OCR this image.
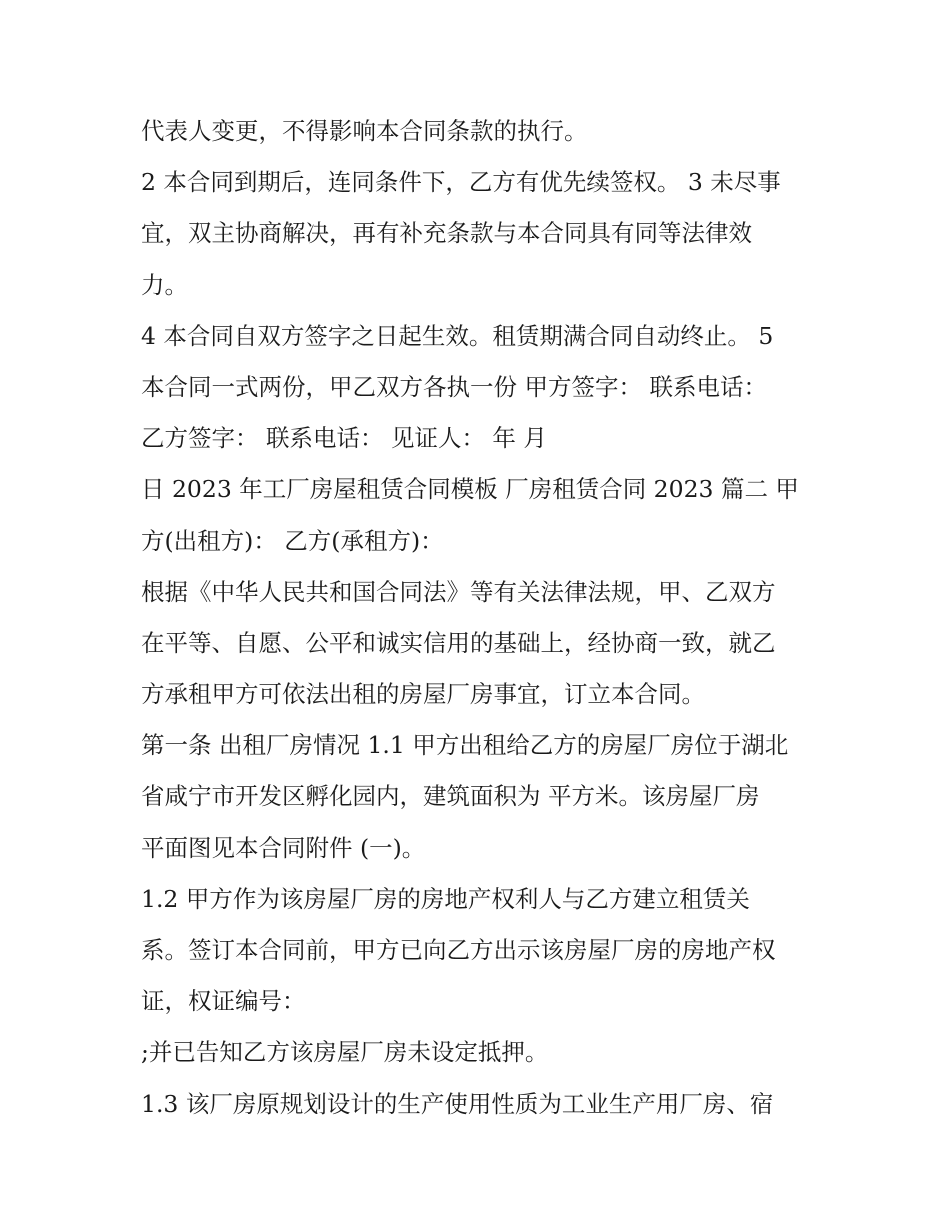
代表人变更，不得影响本合同条款的执行。
2 本合同到期后，连同条件下，乙方有优先续签权。 3 未尽事
宜，双主协商解决，再有补充条款与本合同具有同等法律效
力。
4 本合同自双方签字之日起生效。租赁期满合同自动终止。 5
本合同一式两份，甲乙双方各执一份 甲方签字： 联系电话：
乙方签字： 联系电话： 见证人： 年 月
日 2023 年工厂房屋租赁合同模板 厂房租赁合同 2023 篇二 甲
方(出租方)： 乙方(承租方)：
根据《中华人民共和国合同法》等有关法律法规，甲、乙双方
在平等、自愿、公平和诚实信用的基础上，经协商一致，就乙
方承租甲方可依法出租的房屋厂房事宜，订立本合同。
第一条 出租厂房情况 1.1 甲方出租给乙方的房屋厂房位于湖北
省咸宁市开发区孵化园内，建筑面积为 平方米。该房屋厂房
平面图见本合同附件 (一)。
1.2 甲方作为该房屋厂房的房地产权利人与乙方建立租赁关
系。签订本合同前，甲方已向乙方出示该房屋厂房的房地产权
证，权证编号：
;并已告知乙方该房屋厂房未设定抵押。
1.3 该厂房原规划设计的生产使用性质为工业生产用厂房、宿
